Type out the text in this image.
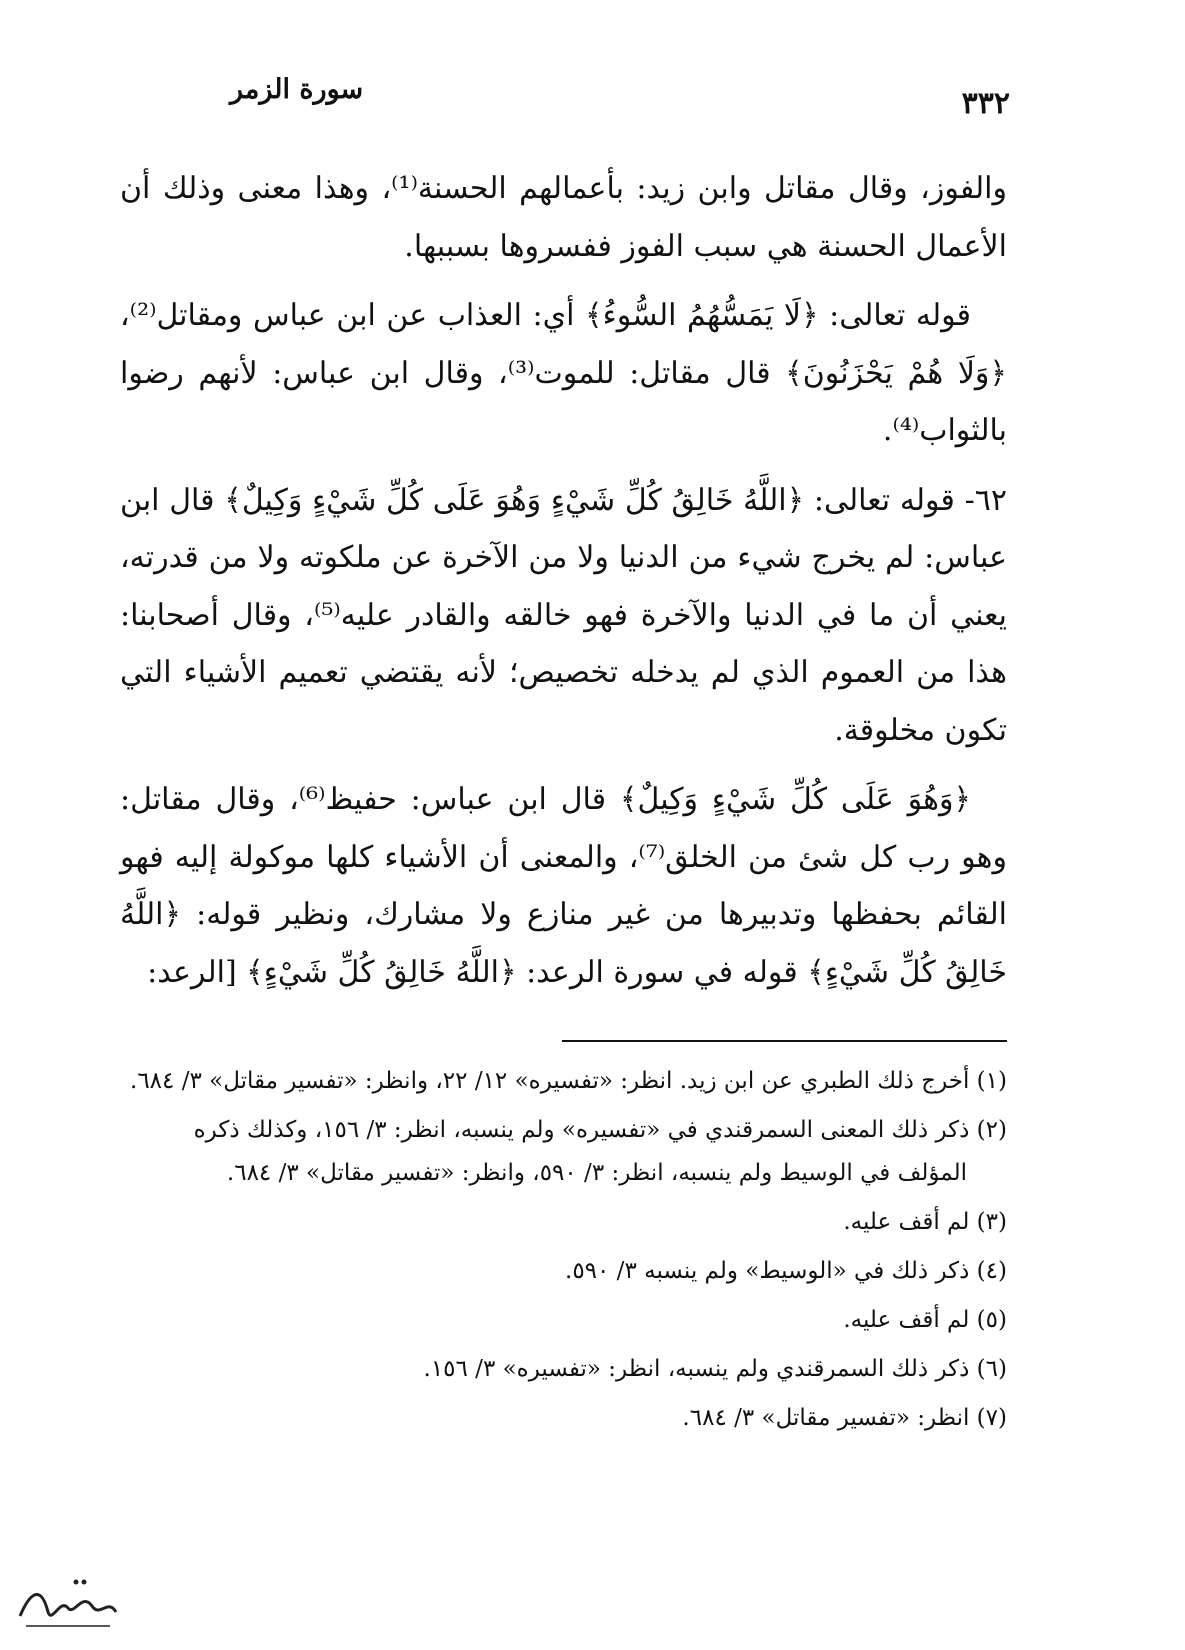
٣٣٢
سورة الزمر

والفوز، وقال مقاتل وابن زيد: بأعمالهم الحسنة⁽¹⁾، وهذا معنى وذلك أن الأعمال الحسنة هي سبب الفوز ففسروها بسببها.

قوله تعالى: ﴿لَا يَمَسُّهُمُ السُّوءُ﴾ أي: العذاب عن ابن عباس ومقاتل⁽²⁾، ﴿وَلَا هُمْ يَحْزَنُونَ﴾ قال مقاتل: للموت⁽³⁾، وقال ابن عباس: لأنهم رضوا بالثواب⁽⁴⁾.

٦٢- قوله تعالى: ﴿اللَّهُ خَالِقُ كُلِّ شَيْءٍ وَهُوَ عَلَى كُلِّ شَيْءٍ وَكِيلٌ﴾ قال ابن عباس: لم يخرج شيء من الدنيا ولا من الآخرة عن ملكوته ولا من قدرته، يعني أن ما في الدنيا والآخرة فهو خالقه والقادر عليه⁽⁵⁾، وقال أصحابنا: هذا من العموم الذي لم يدخله تخصيص؛ لأنه يقتضي تعميم الأشياء التي تكون مخلوقة.

﴿وَهُوَ عَلَى كُلِّ شَيْءٍ وَكِيلٌ﴾ قال ابن عباس: حفيظ⁽⁶⁾، وقال مقاتل: وهو رب كل شئ من الخلق⁽⁷⁾، والمعنى أن الأشياء كلها موكولة إليه فهو القائم بحفظها وتدبيرها من غير منازع ولا مشارك، ونظير قوله: ﴿اللَّهُ خَالِقُ كُلِّ شَيْءٍ﴾ قوله في سورة الرعد: ﴿اللَّهُ خَالِقُ كُلِّ شَيْءٍ﴾ [الرعد:

(١) أخرج ذلك الطبري عن ابن زيد. انظر: «تفسيره» ١٢/ ٢٢، وانظر: «تفسير مقاتل» ٣/ ٦٨٤.

(٢) ذكر ذلك المعنى السمرقندي في «تفسيره» ولم ينسبه، انظر: ٣/ ١٥٦، وكذلك ذكره المؤلف في الوسيط ولم ينسبه، انظر: ٣/ ٥٩٠، وانظر: «تفسير مقاتل» ٣/ ٦٨٤.

(٣) لم أقف عليه.

(٤) ذكر ذلك في «الوسيط» ولم ينسبه ٣/ ٥٩٠.

(٥) لم أقف عليه.

(٦) ذكر ذلك السمرقندي ولم ينسبه، انظر: «تفسيره» ٣/ ١٥٦.

(٧) انظر: «تفسير مقاتل» ٣/ ٦٨٤.
